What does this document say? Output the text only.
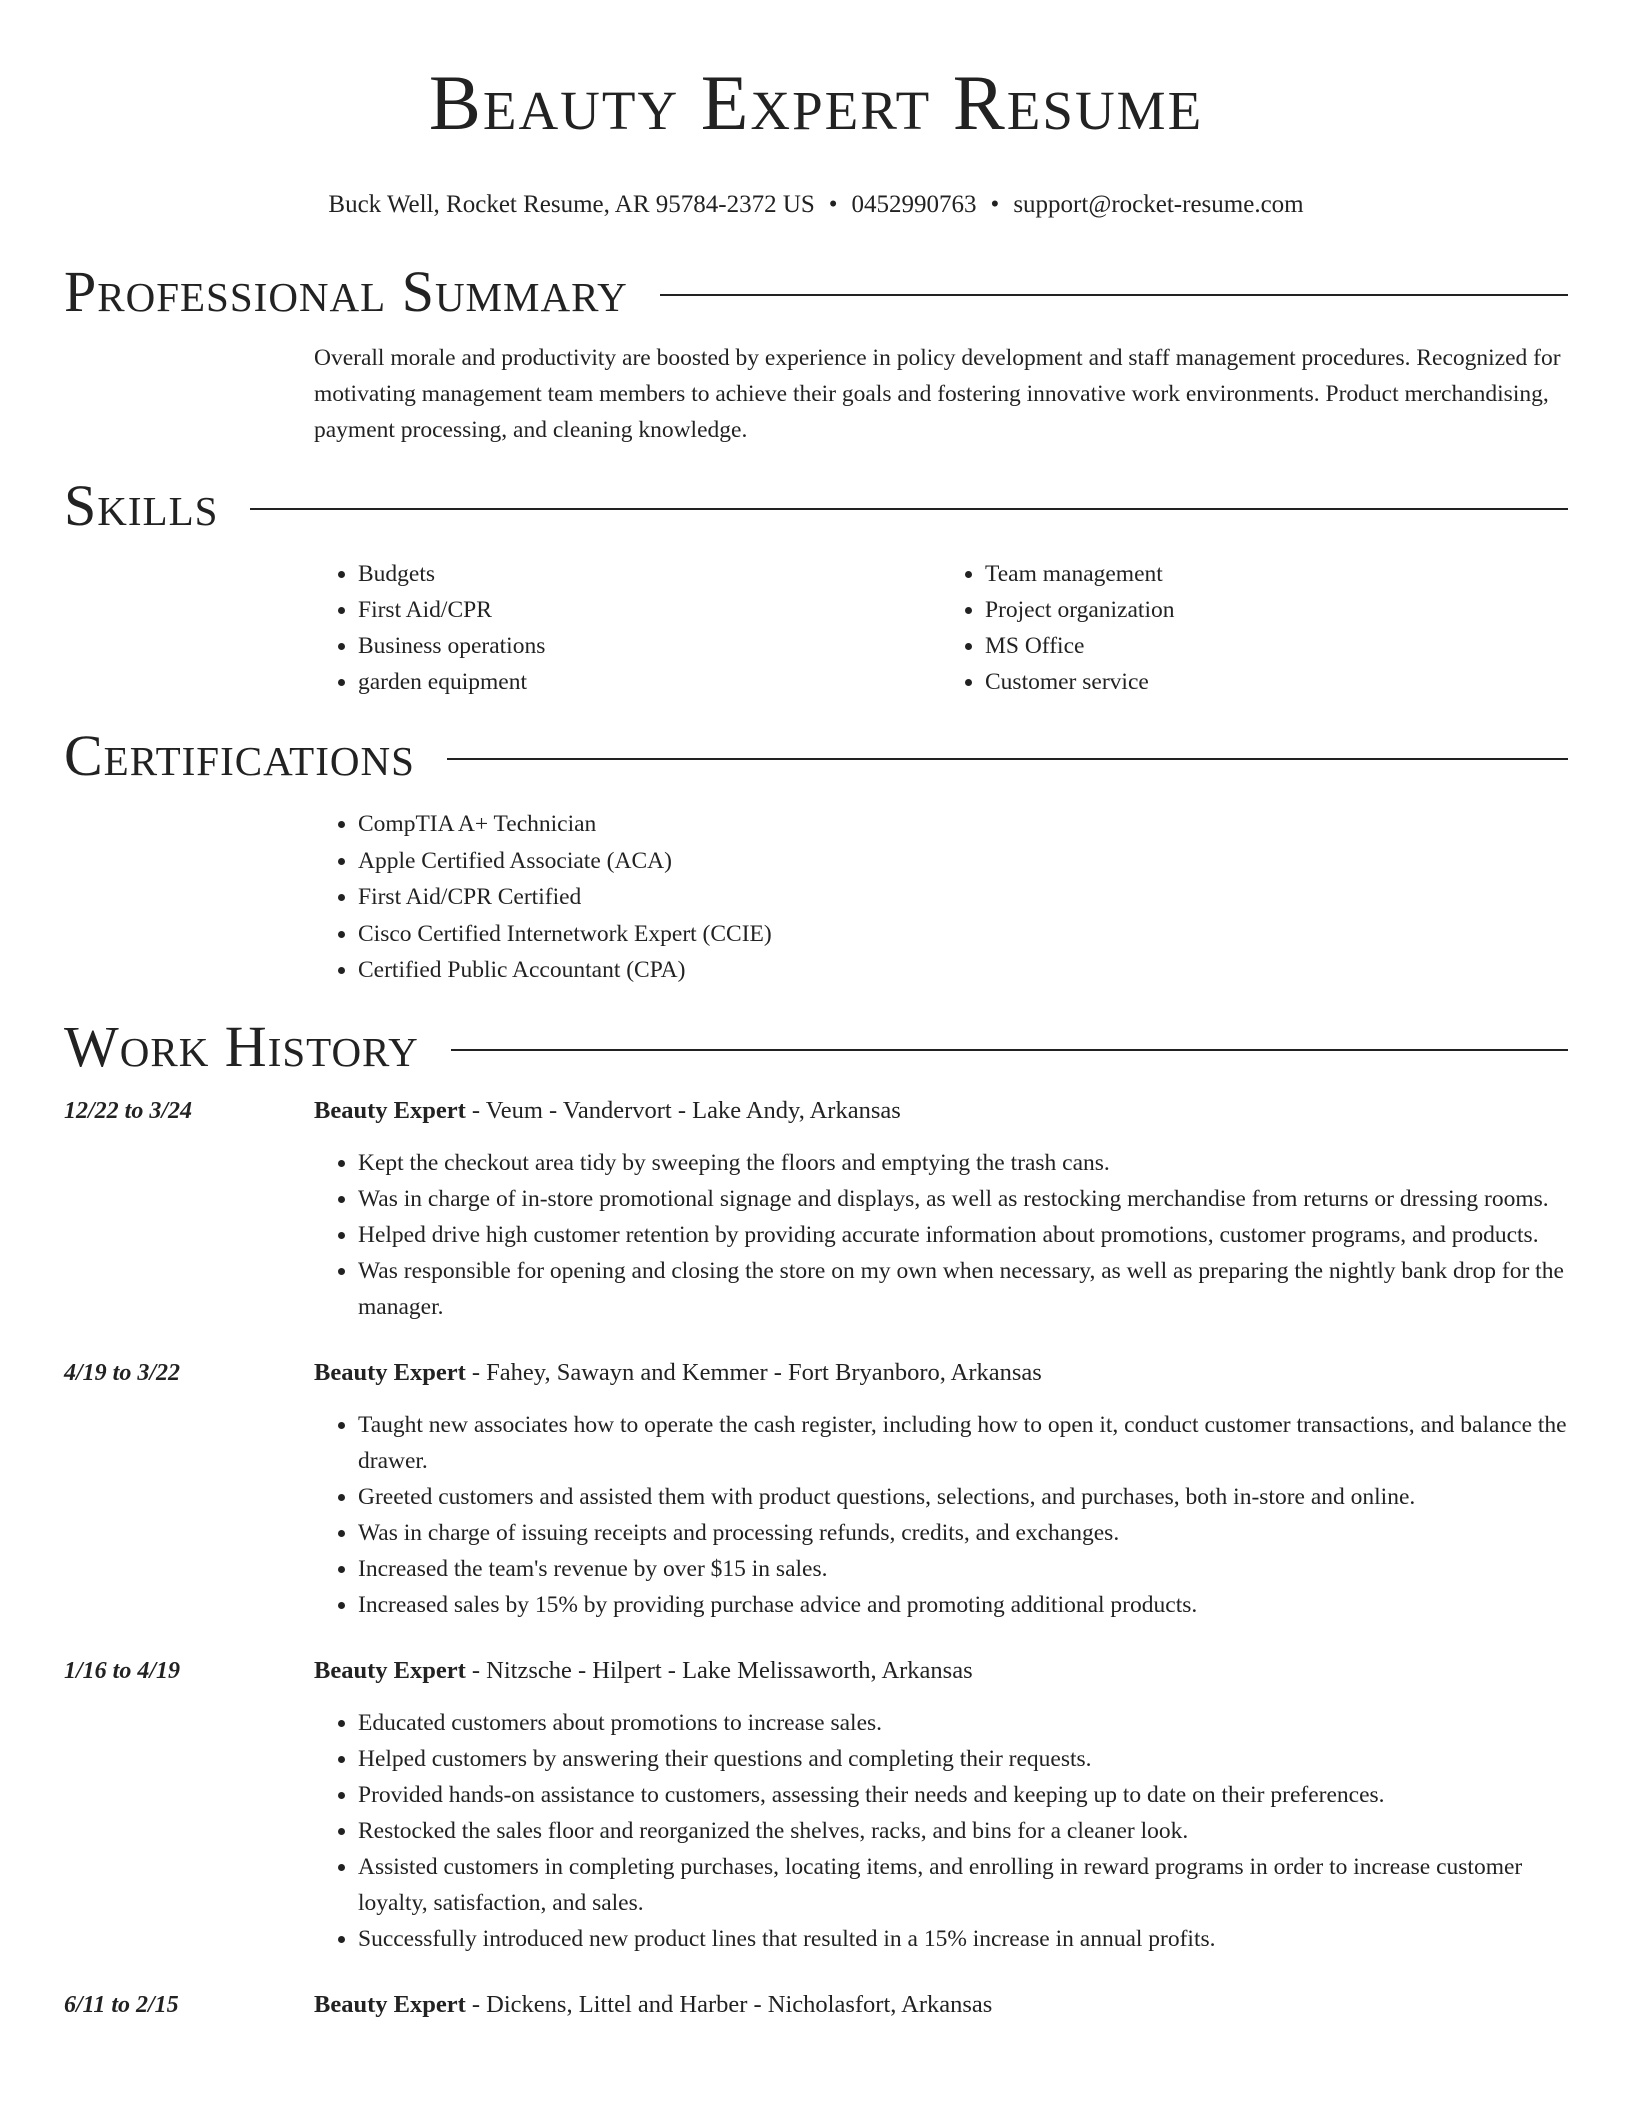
Beauty Expert Resume
Buck Well, Rocket Resume, AR 95784-2372 US • 0452990763 • support@rocket-resume.com
Professional Summary
Overall morale and productivity are boosted by experience in policy development and staff management procedures. Recognized for motivating management team members to achieve their goals and fostering innovative work environments. Product merchandising, payment processing, and cleaning knowledge.
Skills
• Budgets
• First Aid/CPR
• Business operations
• garden equipment
• Team management
• Project organization
• MS Office
• Customer service
Certifications
• CompTIA A+ Technician
• Apple Certified Associate (ACA)
• First Aid/CPR Certified
• Cisco Certified Internetwork Expert (CCIE)
• Certified Public Accountant (CPA)
Work History
12/22 to 3/24	Beauty Expert - Veum - Vandervort - Lake Andy, Arkansas
• Kept the checkout area tidy by sweeping the floors and emptying the trash cans.
• Was in charge of in-store promotional signage and displays, as well as restocking merchandise from returns or dressing rooms.
• Helped drive high customer retention by providing accurate information about promotions, customer programs, and products.
• Was responsible for opening and closing the store on my own when necessary, as well as preparing the nightly bank drop for the manager.
4/19 to 3/22	Beauty Expert - Fahey, Sawayn and Kemmer - Fort Bryanboro, Arkansas
• Taught new associates how to operate the cash register, including how to open it, conduct customer transactions, and balance the drawer.
• Greeted customers and assisted them with product questions, selections, and purchases, both in-store and online.
• Was in charge of issuing receipts and processing refunds, credits, and exchanges.
• Increased the team's revenue by over $15 in sales.
• Increased sales by 15% by providing purchase advice and promoting additional products.
1/16 to 4/19	Beauty Expert - Nitzsche - Hilpert - Lake Melissaworth, Arkansas
• Educated customers about promotions to increase sales.
• Helped customers by answering their questions and completing their requests.
• Provided hands-on assistance to customers, assessing their needs and keeping up to date on their preferences.
• Restocked the sales floor and reorganized the shelves, racks, and bins for a cleaner look.
• Assisted customers in completing purchases, locating items, and enrolling in reward programs in order to increase customer loyalty, satisfaction, and sales.
• Successfully introduced new product lines that resulted in a 15% increase in annual profits.
6/11 to 2/15	Beauty Expert - Dickens, Littel and Harber - Nicholasfort, Arkansas
